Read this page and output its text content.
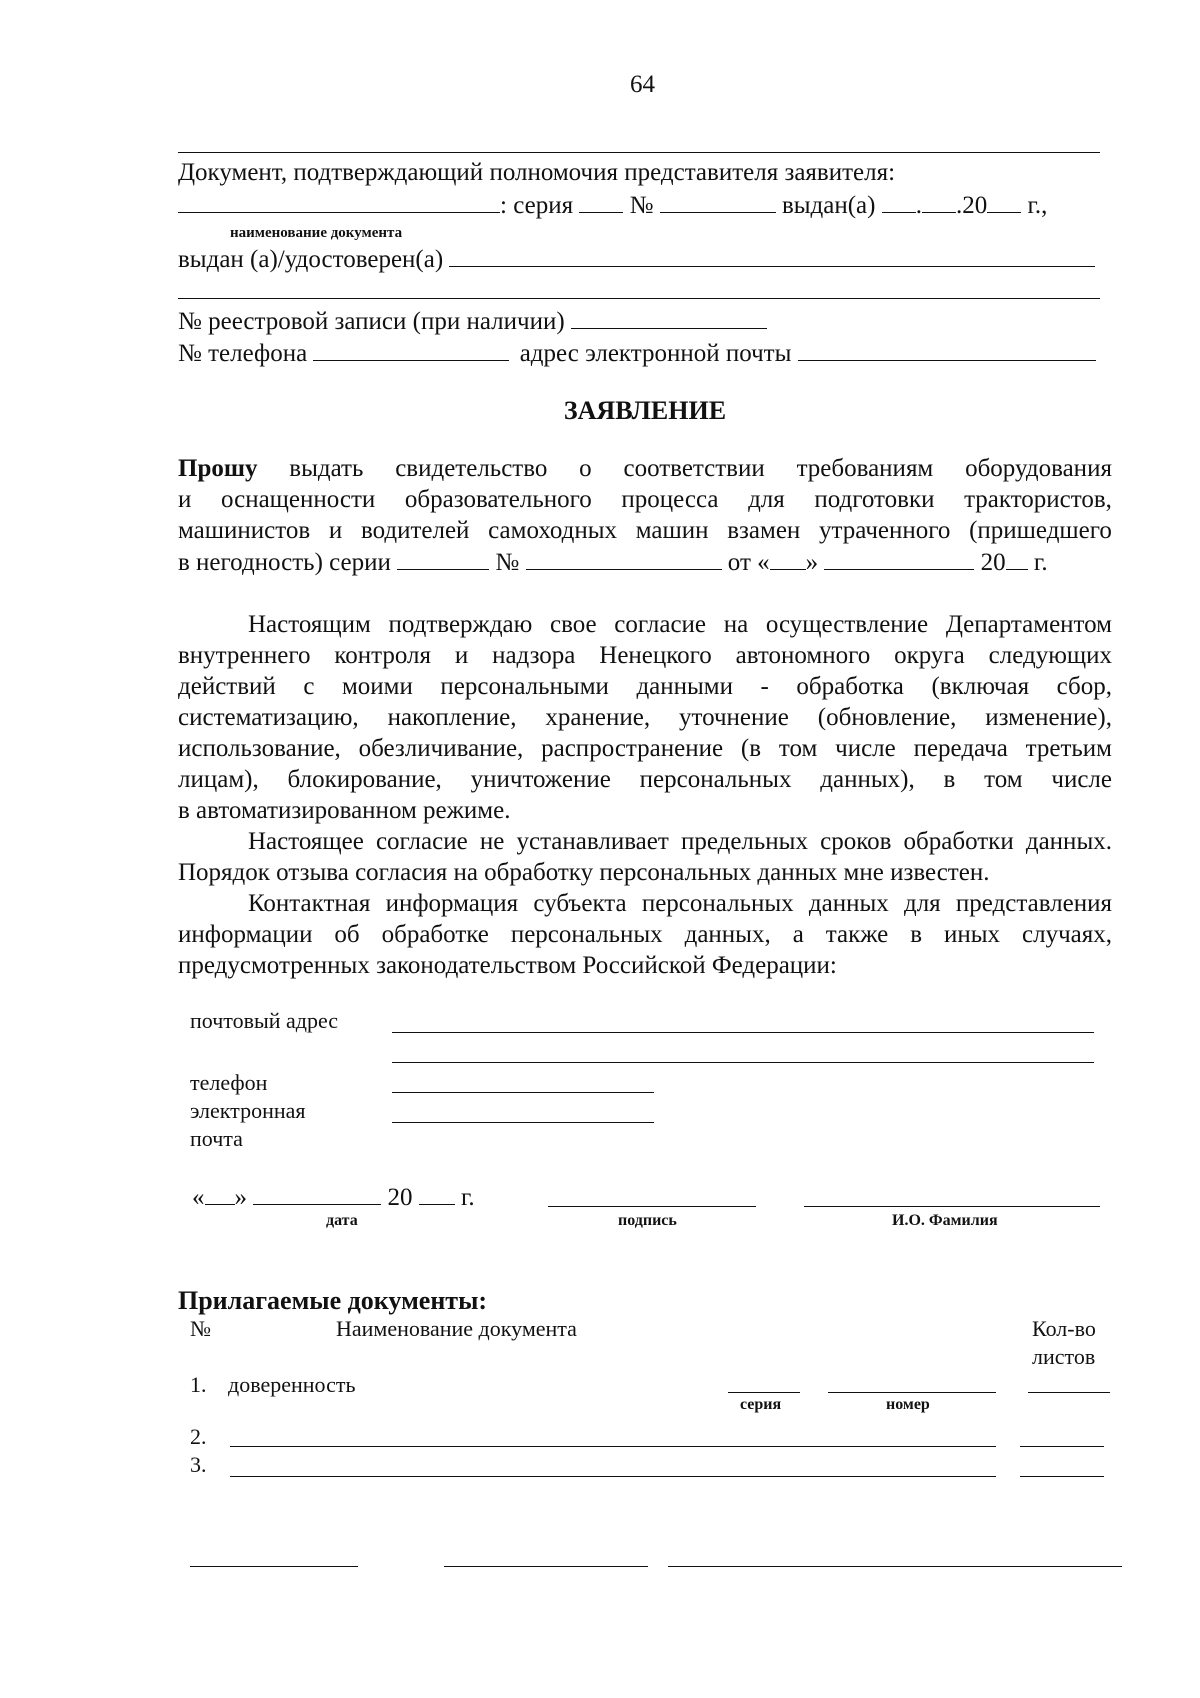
64
Документ, подтверждающий полномочия представителя заявителя:
: серия №	выдан(а) . .20 г.,
наименование документа
выдан (а)/удостоверен(а)
№ реестровой записи (при наличии)
№ телефона	адрес электронной почты
ЗАЯВЛЕНИЕ
Прошу выдать свидетельство о соответствии требованиям оборудования
и оснащенности образовательного процесса для подготовки трактористов,
машинистов и водителей самоходных машин взамен утраченного (пришедшего
в негодность) серии	№	от « »	20 г.
Настоящим подтверждаю свое согласие на осуществление Департаментом
внутреннего контроля и надзора Ненецкого автономного округа следующих
действий с моими персональными данными - обработка (включая сбор,
систематизацию, накопление, хранение, уточнение (обновление, изменение),
использование, обезличивание, распространение (в том числе передача третьим
лицам), блокирование, уничтожение персональных данных), в том числе
в автоматизированном режиме.
Настоящее согласие не устанавливает предельных сроков обработки данных.
Порядок отзыва согласия на обработку персональных данных мне известен.
Контактная информация субъекта персональных данных для представления
информации об обработке персональных данных, а также в иных случаях,
предусмотренных законодательством Российской Федерации:
почтовый адрес
телефон
электронная
почта
« »	20 г.
дата	подпись	И.О. Фамилия
Прилагаемые документы:
№	Наименование документа	Кол-во
листов
1. доверенность
серия	номер
2.
3.
